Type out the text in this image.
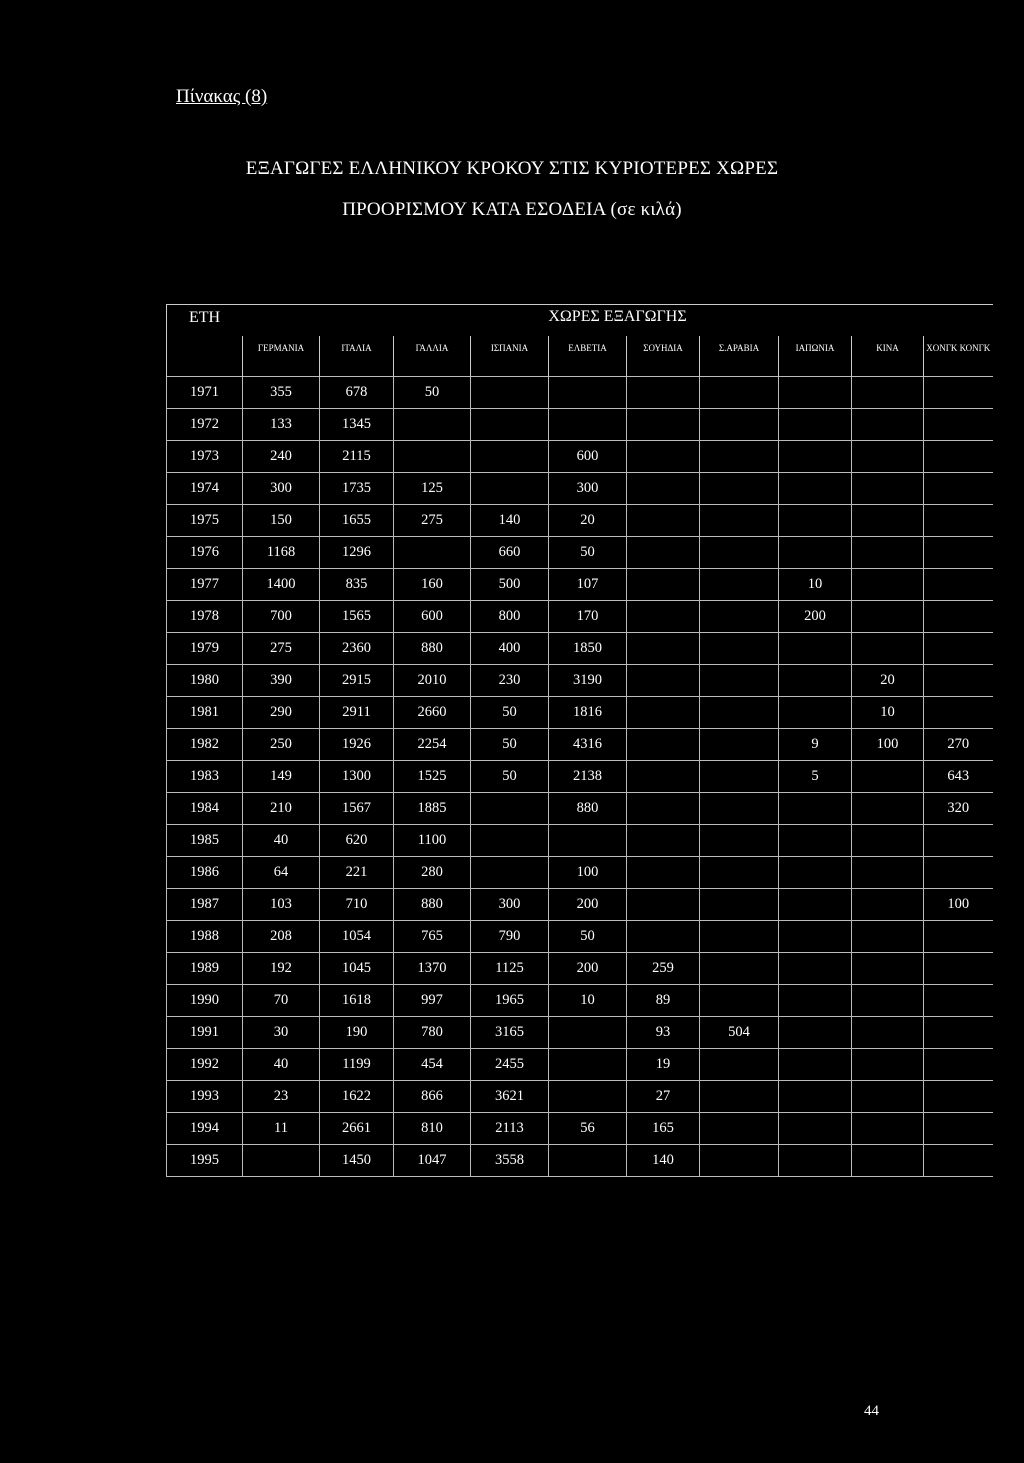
Πίνακας (8)
ΕΞΑΓΩΓΕΣ ΕΛΛΗΝΙΚΟΥ ΚΡΟΚΟΥ ΣΤΙΣ ΚΥΡΙΟΤΕΡΕΣ ΧΩΡΕΣ
ΠΡΟΟΡΙΣΜΟΥ ΚΑΤΑ ΕΣΟΔΕΙΑ (σε κιλά)
ΕΤΗ	ΧΩΡΕΣ ΕΞΑΓΩΓΗΣ									
	ΓΕΡΜΑΝΙΑ	ΙΤΑΛΙΑ	ΓΑΛΛΙΑ	ΙΣΠΑΝΙΑ	ΕΛΒΕΤΙΑ	ΣΟΥΗΔΙΑ	Σ.ΑΡΑΒΙΑ	ΙΑΠΩΝΙΑ	ΚΙΝΑ	ΧΟΝΓΚ ΚΟΝΓΚ
1971	355	678	50							
1972	133	1345								
1973	240	2115			600					
1974	300	1735	125		300					
1975	150	1655	275	140	20					
1976	1168	1296		660	50					
1977	1400	835	160	500	107			10		
1978	700	1565	600	800	170			200		
1979	275	2360	880	400	1850					
1980	390	2915	2010	230	3190				20	
1981	290	2911	2660	50	1816				10	
1982	250	1926	2254	50	4316			9	100	270
1983	149	1300	1525	50	2138			5		643
1984	210	1567	1885		880					320
1985	40	620	1100							
1986	64	221	280		100					
1987	103	710	880	300	200					100
1988	208	1054	765	790	50					
1989	192	1045	1370	1125	200	259				
1990	70	1618	997	1965	10	89				
1991	30	190	780	3165		93	504			
1992	40	1199	454	2455		19				
1993	23	1622	866	3621		27				
1994	11	2661	810	2113	56	165				
1995		1450	1047	3558		140				
44
